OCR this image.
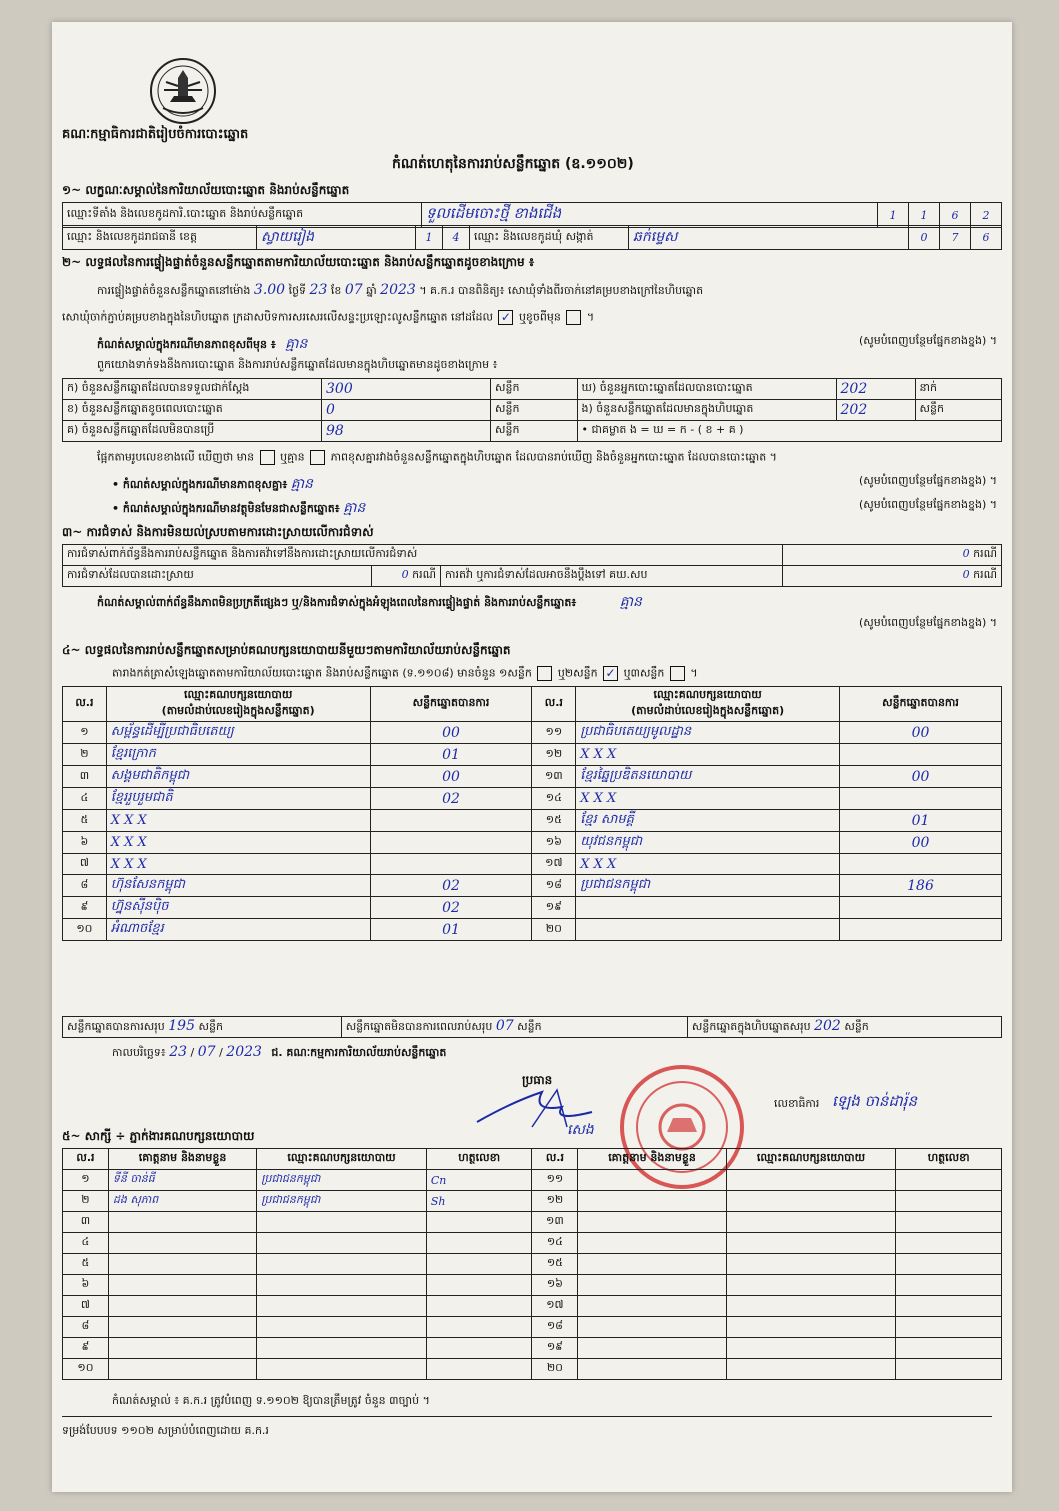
គណៈកម្មាធិការជាតិរៀបចំការបោះឆ្នោត
កំណត់ហេតុនៃការរាប់សន្លឹកឆ្នោត (ឧ.១១០២)
១~ លក្ខណៈសម្គាល់នៃការិយាល័យបោះឆ្នោត និងរាប់សន្លឹកឆ្នោត
ឈ្មោះទីតាំង និងលេខកូដការិ.បោះឆ្នោត និងរាប់សន្លឹកឆ្នោត	ទួលដើមចោះថ្មី ខាងជើង	1	1	6	2
ឈ្មោះ និងលេខកូដរាជធានី ខេត្ត	ស្វាយរៀង	1	4	ឈ្មោះ និងលេខកូដឃុំ សង្កាត់	ឆក់ម្ទេស	0	7	6
២~ លទ្ធផលនៃការផ្ទៀងផ្ទាត់ចំនួនសន្លឹកឆ្នោតតាមការិយាល័យបោះឆ្នោត និងរាប់សន្លឹកឆ្នោតដូចខាងក្រោម ៖
ការផ្ទៀងផ្ទាត់ចំនួនសន្លឹកឆ្នោតនៅម៉ោង 3.00 ថ្ងៃទី 23 ខែ 07 ឆ្នាំ 2023 ។ គ.ក.រ បានពិនិត្យ៖ សោឃុំទាំងពីរចាក់នៅគម្របខាងក្រៅនៃហិបឆ្នោត
សោឃុំចាក់ភ្ជាប់គម្របខាងក្នុងនៃហិបឆ្នោត ក្រដាសបិទការសរសេរលើសន្ទះប្រឡោះលូសន្លឹកឆ្នោត នៅដដែល ✓ ឬខូចពីមុន  ។
កំណត់សម្គាល់ក្នុងករណីមានភាពខុសពីមុន ៖ គ្មាន	(សូមបំពេញបន្ថែមផ្នែកខាងខ្នង) ។
ពួកយោងទាក់ទងនឹងការបោះឆ្នោត និងការរាប់សន្លឹកឆ្នោតដែលមានក្នុងហិបឆ្នោតមានដូចខាងក្រោម ៖
ក) ចំនួនសន្លឹកឆ្នោតដែលបានទទួលជាក់ស្តែង	300	សន្លឹក	ឃ) ចំនួនអ្នកបោះឆ្នោតដែលបានបោះឆ្នោត	202	នាក់
ខ) ចំនួនសន្លឹកឆ្នោតខូចពេលបោះឆ្នោត	0	សន្លឹក	ង) ចំនួនសន្លឹកឆ្នោតដែលមានក្នុងហិបឆ្នោត	202	សន្លឹក
គ) ចំនួនសន្លឹកឆ្នោតដែលមិនបានប្រើ	98	សន្លឹក	• ជាគម្លាត ង = ឃ = ក - ( ខ + គ )		
ផ្អែកតាមរូបលេខខាងលើ ឃើញថា មាន ឬគ្មាន ភាពខុសគ្នារវាងចំនួនសន្លឹកឆ្នោតក្នុងហិបឆ្នោត ដែលបានរាប់ឃើញ និងចំនួនអ្នកបោះឆ្នោត ដែលបានបោះឆ្នោត ។
• កំណត់សម្គាល់ក្នុងករណីមានភាពខុសគ្នា៖ គ្មាន	(សូមបំពេញបន្ថែមផ្នែកខាងខ្នង) ។
• កំណត់សម្គាល់ក្នុងករណីមានវត្ថុមិនមែនជាសន្លឹកឆ្នោត៖ គ្មាន	(សូមបំពេញបន្ថែមផ្នែកខាងខ្នង) ។
៣~ ការជំទាស់ និងការមិនយល់ស្របតាមការដោះស្រាយលើការជំទាស់
ការជំទាស់ពាក់ព័ន្ធនឹងការរាប់សន្លឹកឆ្នោត និងការតវ៉ាទៅនឹងការដោះស្រាយលើការជំទាស់			0 ករណី
ការជំទាស់ដែលបានដោះស្រាយ	0 ករណី	ការតវ៉ា ឬការជំទាស់ដែលអាចនឹងប្តឹងទៅ គឃ.សប	0 ករណី
កំណត់សម្គាល់ពាក់ព័ន្ធនឹងភាពមិនប្រក្រតីផ្សេងៗ ឬ/និងការជំទាស់ក្នុងអំឡុងពេលនៃការផ្ទៀងផ្ទាត់ និងការរាប់សន្លឹកឆ្នោត៖	គ្មាន
(សូមបំពេញបន្ថែមផ្នែកខាងខ្នង) ។
៤~ លទ្ធផលនៃការរាប់សន្លឹកឆ្នោតសម្រាប់គណបក្សនយោបាយនីមួយៗតាមការិយាល័យរាប់សន្លឹកឆ្នោត
តារាងកត់ត្រាសំឡេងឆ្នោតតាមការិយាល័យបោះឆ្នោត និងរាប់សន្លឹកឆ្នោត (ទ.១១០៨) មានចំនួន ១សន្លឹក ឬ២សន្លឹក ✓ ឬ៣សន្លឹក  ។
ល.រ	ឈ្មោះគណបក្សនយោបាយ
(តាមលំដាប់លេខរៀងក្នុងសន្លឹកឆ្នោត)	សន្លឹកឆ្នោតបានការ	ល.រ	ឈ្មោះគណបក្សនយោបាយ
(តាមលំដាប់លេខរៀងក្នុងសន្លឹកឆ្នោត)	សន្លឹកឆ្នោតបានការ
១	សម្ព័ន្ធដើម្បីប្រជាធិបតេយ្យ	00	១១	ប្រជាធិបតេយ្យមូលដ្ឋាន	00
២	ខ្មែរក្រោក	01	១២	X X X	
៣	សង្គមជាតិកម្ពុជា	00	១៣	ខ្មែរឆ្នៃប្រឌិតនយោបាយ	00
៤	ខ្មែររួបរួមជាតិ	02	១៤	X X X	
៥	X X X		១៥	ខ្មែរ សាមគ្គី	01
៦	X X X		១៦	យុវជនកម្ពុជា	00
៧	X X X		១៧	X X X	
៨	ហ៊ុនសែនកម្ពុជា	02	១៨	ប្រជាជនកម្ពុជា	186
៩	ហ្វ៊ុនស៊ីនប៉ិច	02	១៩		
១០	អំណាចខ្មែរ	01	២០		
សន្លឹកឆ្នោតបានការសរុប 195 សន្លឹក	សន្លឹកឆ្នោតមិនបានការពេលរាប់សរុប 07 សន្លឹក	សន្លឹកឆ្នោតក្នុងហិបឆ្នោតសរុប 202 សន្លឹក
កាលបរិច្ឆេទ៖ 23 / 07 / 2023 ជ. គណៈកម្មការការិយាល័យរាប់សន្លឹកឆ្នោត
ប្រធាន
លេខាធិការ ឡេង ចាន់ដារ៉ុន
សេង
៥~ សាក្សី ÷ ភ្នាក់ងារគណបក្សនយោបាយ
ល.រ	គោត្តនាម និងនាមខ្លួន	ឈ្មោះគណបក្សនយោបាយ	ហត្ថលេខា	ល.រ	គោត្តនាម និងនាមខ្លួន	ឈ្មោះគណបក្សនយោបាយ	ហត្ថលេខា
១	ទីនី ចាន់ធី	ប្រជាជនកម្ពុជា	Cn	១១			
២	ដង សុភាព	ប្រជាជនកម្ពុជា	Sh	១២			
៣				១៣			
៤				១៤			
៥				១៥			
៦				១៦			
៧				១៧			
៨				១៨			
៩				១៩			
១០				២០			
កំណត់សម្គាល់ ៖ គ.ក.រ ត្រូវបំពេញ ទ.១១០២ ឱ្យបានត្រឹមត្រូវ ចំនួន ៣ច្បាប់ ។
ទម្រង់បែបបទ ១១០២ សម្រាប់បំពេញដោយ គ.ក.រ
